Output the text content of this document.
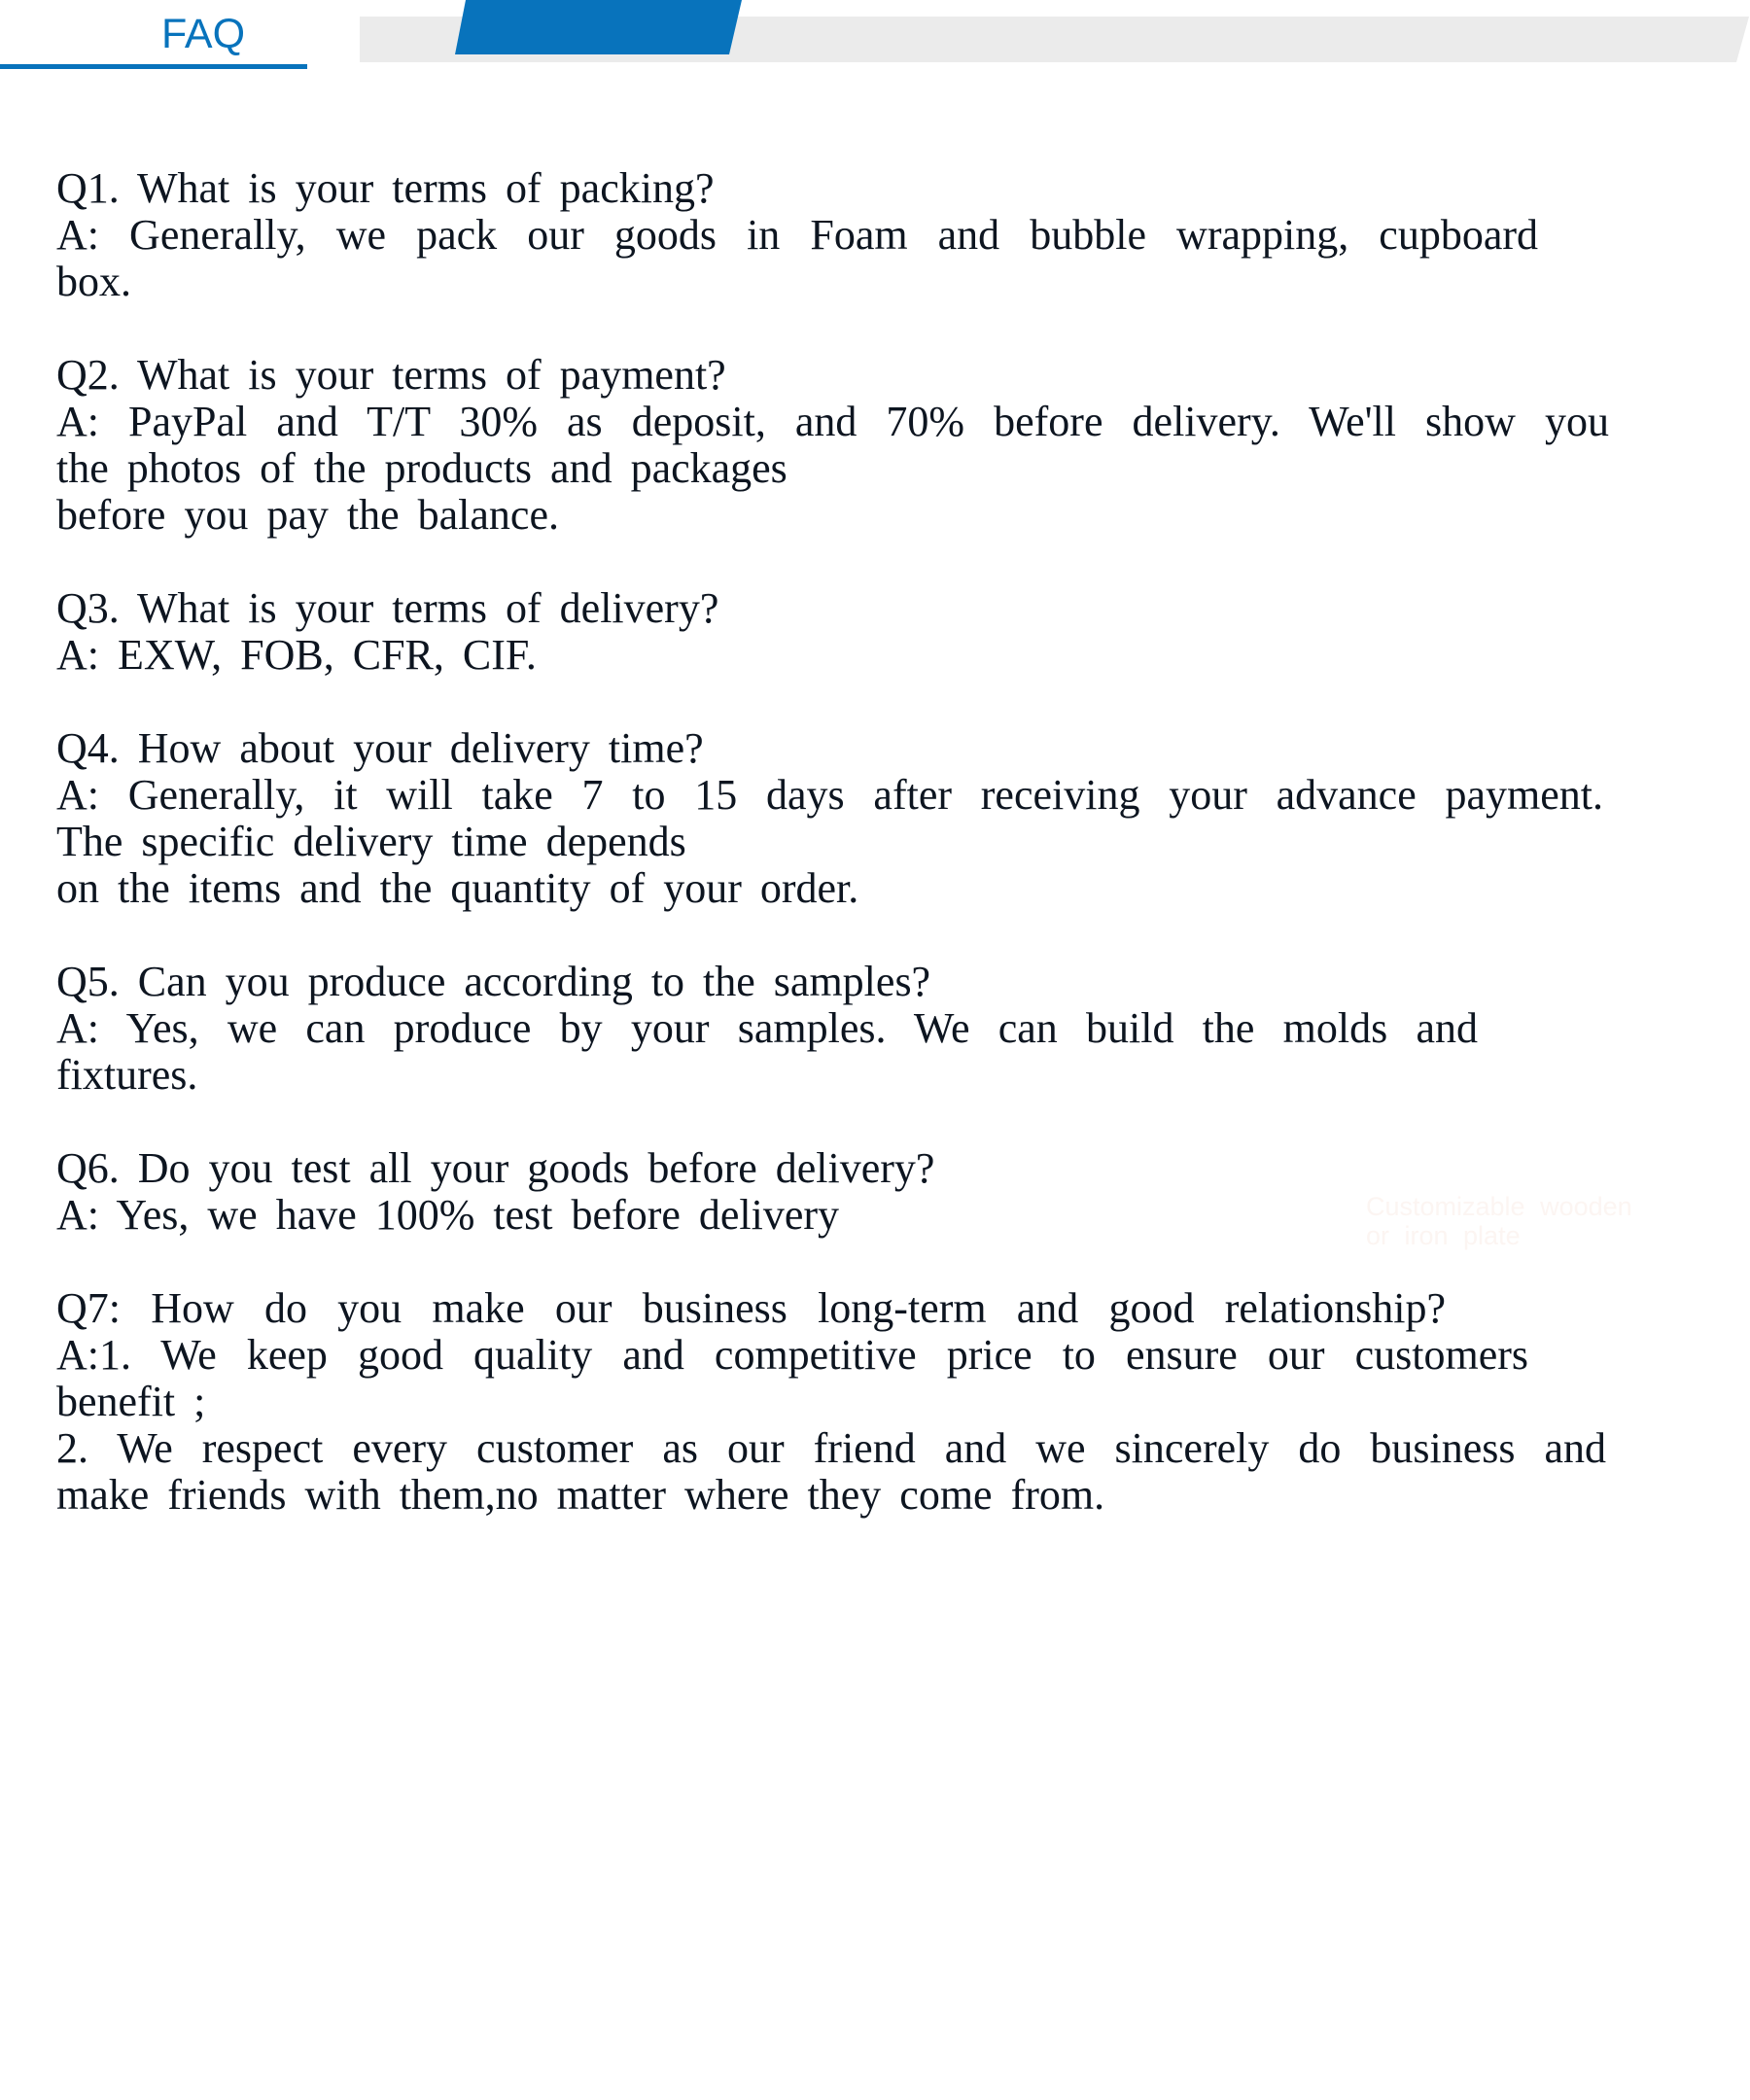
FAQ
Q1. What is your terms of packing?
A: Generally, we pack our goods in Foam and bubble wrapping, cupboard
box.
Q2. What is your terms of payment?
A: PayPal and T/T 30% as deposit, and 70% before delivery. We'll show you
the photos of the products and packages
before you pay the balance.
Q3. What is your terms of delivery?
A: EXW, FOB, CFR, CIF.
Q4. How about your delivery time?
A: Generally, it will take 7 to 15 days after receiving your advance payment.
The specific delivery time depends
on the items and the quantity of your order.
Q5. Can you produce according to the samples?
A: Yes, we can produce by your samples. We can build the molds and
fixtures.
Q6. Do you test all your goods before delivery?
A: Yes, we have 100% test before delivery
Q7: How do you make our business long-term and good relationship?
A:1. We keep good quality and competitive price to ensure our customers
benefit ;
2. We respect every customer as our friend and we sincerely do business and
make friends with them,no matter where they come from.
Customizable wooden
or iron plate
